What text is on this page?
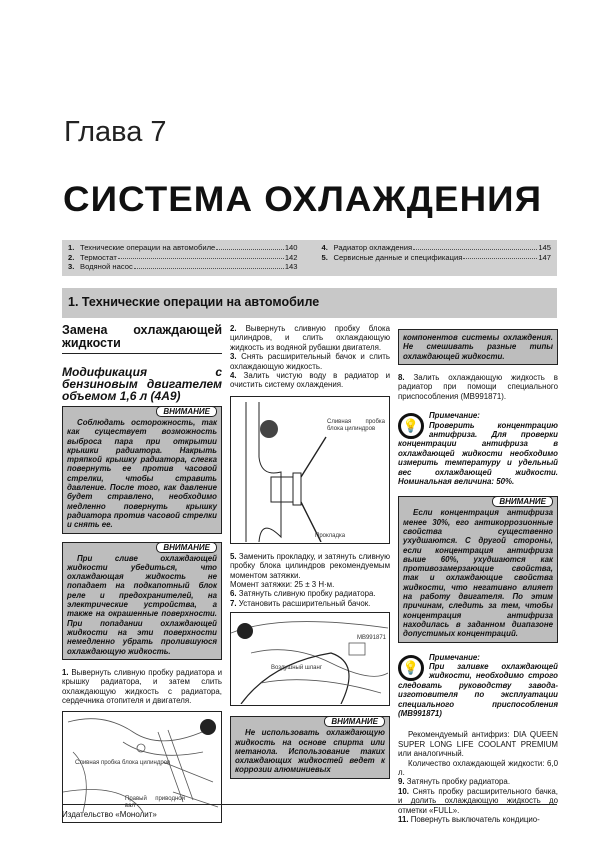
Глава 7
СИСТЕМА ОХЛАЖДЕНИЯ
1. Технические операции на автомобиле	140
2. Термостат	142
3. Водяной насос	143
4. Радиатор охлаждения	145
5. Сервисные данные и спецификация	147
1. Технические операции на автомобиле
Замена охлаждающей жидкости
Модификация с бензиновым двигателем объемом 1,6 л (4А9)
ВНИМАНИЕ

Соблюдать осторожность, так как существует возможность выброса пара при открытии крышки радиатора. Накрыть тряпкой крышку радиатора, слегка повернуть ее против часовой стрелки, чтобы стравить давление. После того, как давление будет стравлено, необходимо медленно повернуть крышку радиатора против часовой стрелки и снять ее.

ВНИМАНИЕ

При сливе охлаждающей жидкости убедиться, что охлаждающая жидкость не попадает на подкапотный блок реле и предохранителей, на электрические устройства, а также на окрашенные поверхности. При попадании охлаждающей жидкости на эти поверхности немедленно убрать пролившуюся охлаждающую жидкость.

1. Вывернуть сливную пробку радиатора и крышку радиатора, и затем слить охлаждающую жидкость с радиатора, сердечника отопителя и двигателя.

Сливная пробка блока цилиндров
Правый приводной вал

2. Вывернуть сливную пробку блока цилиндров, и слить охлаждающую жидкость из водяной рубашки двигателя.

3. Снять расширительный бачок и слить охлаждающую жидкость.

4. Залить чистую воду в радиатор и очистить систему охлаждения.

Сливная пробка блока цилиндров
Прокладка

5. Заменить прокладку, и затянуть сливную пробку блока цилиндров рекомендуемым моментом затяжки.

Момент затяжки: 25 ± 3 Н·м.

6. Затянуть сливную пробку радиатора.

7. Установить расширительный бачок.

MB991871
Воздушный шланг
ВНИМАНИЕ

Не использовать охлаждающую жидкость на основе спирта или метанола. Использование таких охлаждающих жидкостей ведет к коррозии алюминиевых

компонентов системы охлаждения. Не смешивать разные типы охлаждающей жидкости.

8. Залить охлаждающую жидкость в радиатор при помощи специального приспособления (MB991871).

💡
Примечание:
Проверить концентрацию антифриза. Для проверки концентрации антифриза в охлаждающей жидкости необходимо измерить температуру и удельный вес охлаждающей жидкости. Номинальная величина: 50%.
ВНИМАНИЕ

Если концентрация антифриза менее 30%, его антикоррозионные свойства существенно ухудшаются. С другой стороны, если концентрация антифриза выше 60%, ухудшаются как противозамерзающие свойства, так и охлаждающие свойства жидкости, что негативно влияет на работу двигателя. По этим причинам, следить за тем, чтобы концентрация антифриза находилась в заданном диапазоне допустимых концентраций.

💡
Примечание:
При заливке охлаждающей жидкости, необходимо строго следовать руководству завода-изготовителя по эксплуатации специального приспособления (MB991871)

Рекомендуемый антифриз: DIA QUEEN SUPER LONG LIFE COOLANT PREMIUM или аналогичный.

Количество охлаждающей жидкости: 6,0 л.

9. Затянуть пробку радиатора.

10. Снять пробку расширительного бачка, и долить охлаждающую жидкость до отметки «FULL».

11. Повернуть выключатель кондицио-

Издательство «Монолит»
